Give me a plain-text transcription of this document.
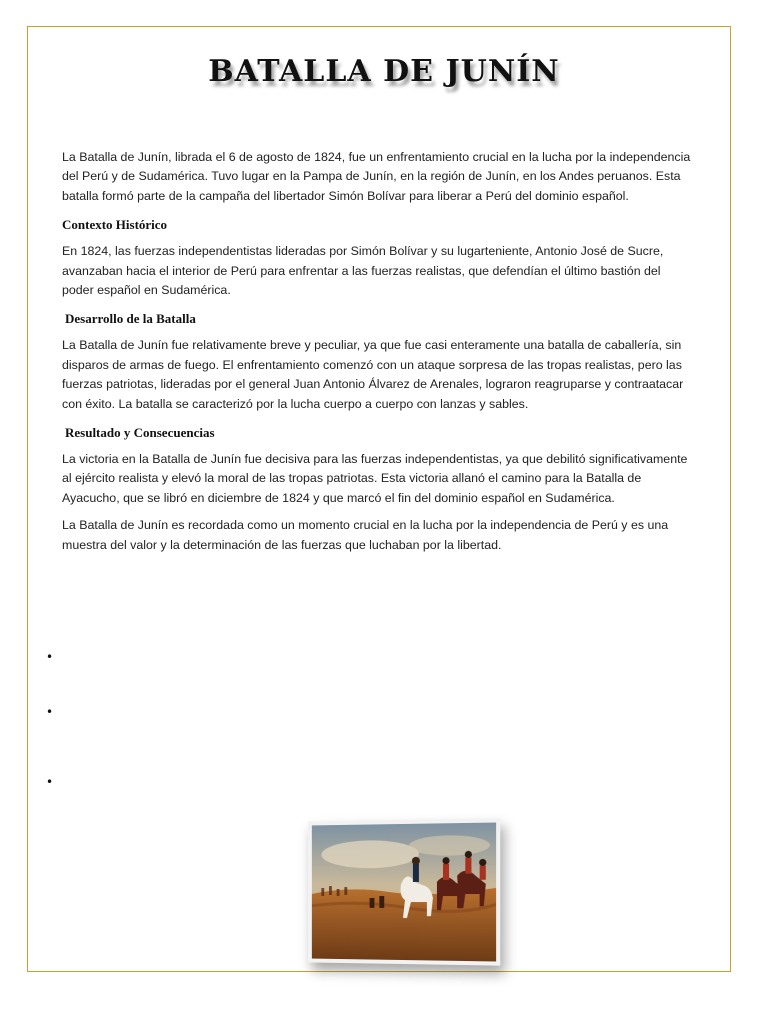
BATALLA DE JUNÍN

La Batalla de Junín, librada el 6 de agosto de 1824, fue un enfrentamiento crucial en la lucha por la independencia del Perú y de Sudamérica. Tuvo lugar en la Pampa de Junín, en la región de Junín, en los Andes peruanos. Esta batalla formó parte de la campaña del libertador Simón Bolívar para liberar a Perú del dominio español.

Contexto Histórico

En 1824, las fuerzas independentistas lideradas por Simón Bolívar y su lugarteniente, Antonio José de Sucre, avanzaban hacia el interior de Perú para enfrentar a las fuerzas realistas, que defendían el último bastión del poder español en Sudamérica.

Desarrollo de la Batalla

La Batalla de Junín fue relativamente breve y peculiar, ya que fue casi enteramente una batalla de caballería, sin disparos de armas de fuego. El enfrentamiento comenzó con un ataque sorpresa de las tropas realistas, pero las fuerzas patriotas, lideradas por el general Juan Antonio Álvarez de Arenales, lograron reagruparse y contraatacar con éxito. La batalla se caracterizó por la lucha cuerpo a cuerpo con lanzas y sables.

Resultado y Consecuencias

La victoria en la Batalla de Junín fue decisiva para las fuerzas independentistas, ya que debilitó significativamente al ejército realista y elevó la moral de las tropas patriotas. Esta victoria allanó el camino para la Batalla de Ayacucho, que se libró en diciembre de 1824 y que marcó el fin del dominio español en Sudamérica.

La Batalla de Junín es recordada como un momento crucial en la lucha por la independencia de Perú y es una muestra del valor y la determinación de las fuerzas que luchaban por la libertad.

•
•
•
